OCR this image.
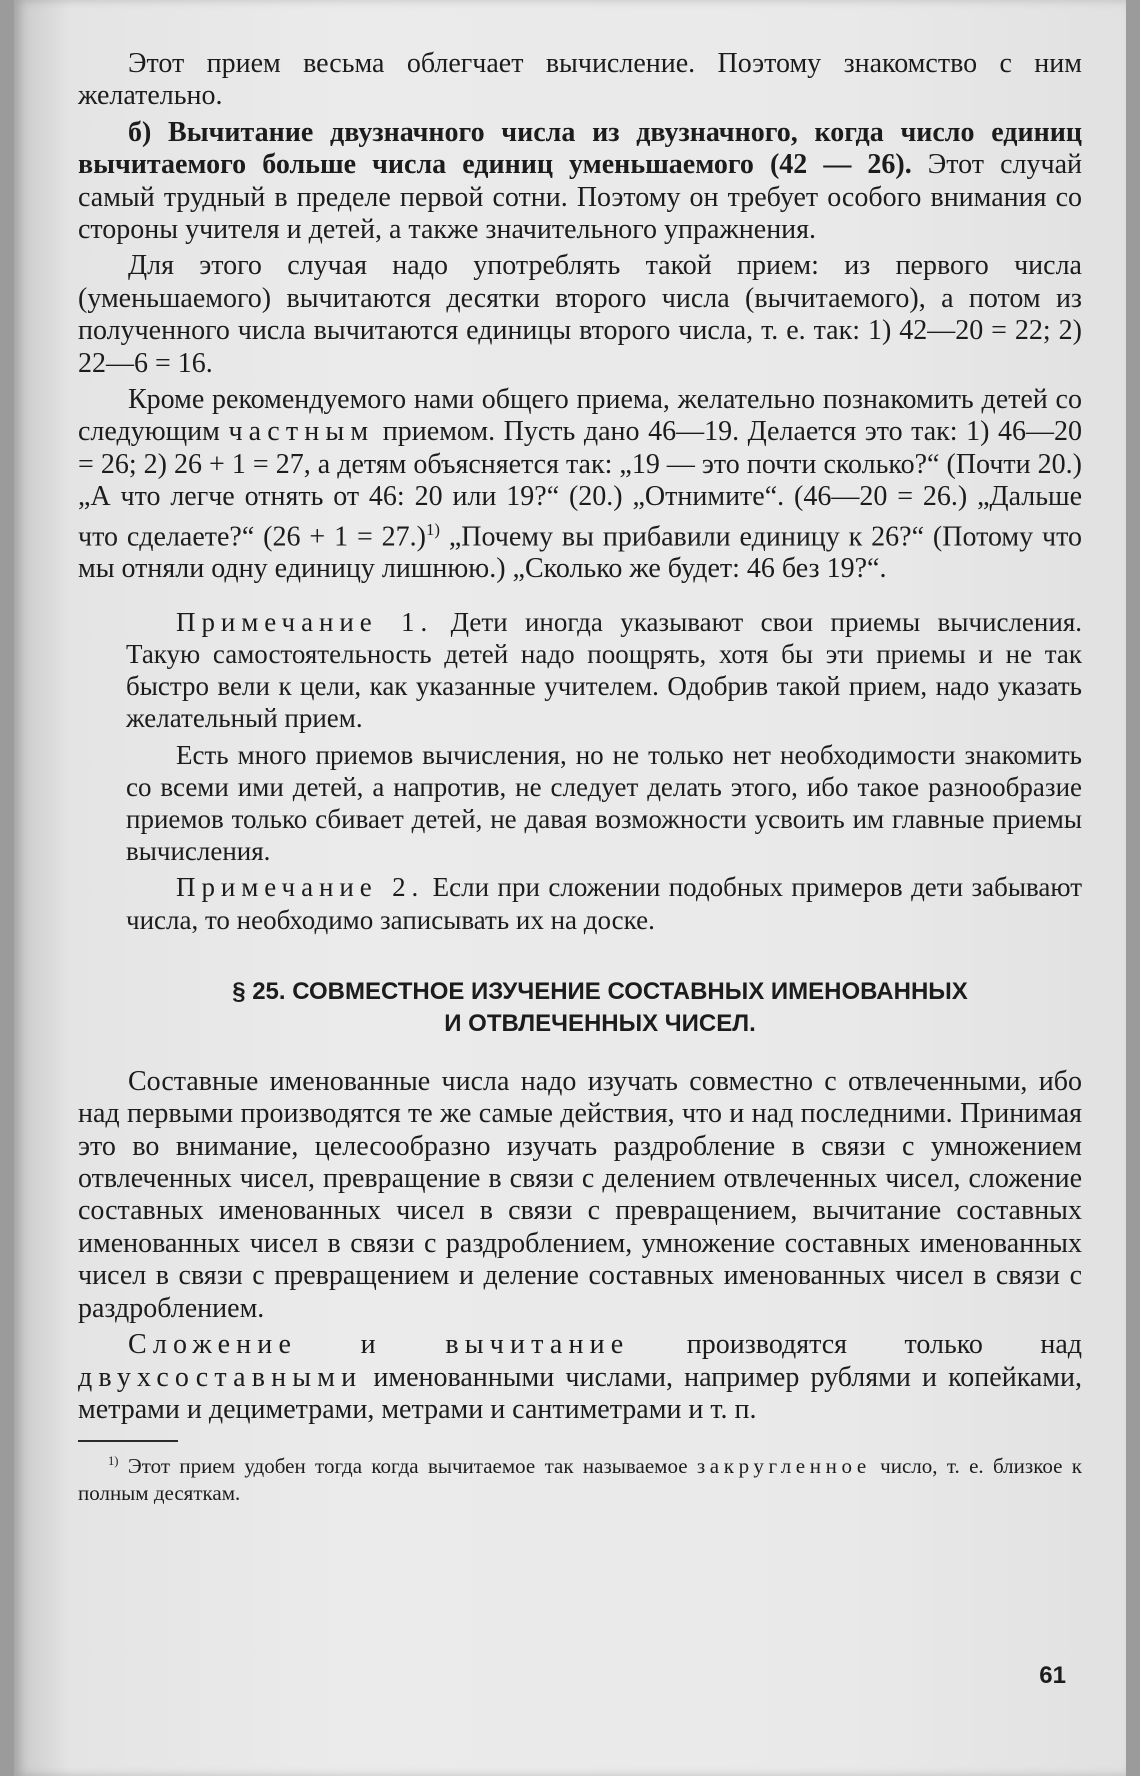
Этот прием весьма облегчает вычисление. Поэтому знакомство с ним желательно.

б) Вычитание двузначного числа из двузначного, когда число единиц вычитаемого больше числа единиц уменьшаемого (42 — 26). Этот случай самый трудный в пределе первой сотни. Поэтому он требует особого внимания со стороны учителя и детей, а также значительного упражнения.

Для этого случая надо употреблять такой прием: из первого числа (уменьшаемого) вычитаются десятки второго числа (вычитаемого), а потом из полученного числа вычитаются единицы второго числа, т. е. так: 1) 42—20 = 22; 2) 22—6 = 16.

Кроме рекомендуемого нами общего приема, желательно познакомить детей со следующим частным приемом. Пусть дано 46—19. Делается это так: 1) 46—20 = 26; 2) 26 + 1 = 27, а детям объясняется так: „19 — это почти сколько?“ (Почти 20.) „А что легче отнять от 46: 20 или 19?“ (20.) „Отнимите“. (46—20 = 26.) „Дальше что сделаете?“ (26 + 1 = 27.)$^{1)}$ „Почему вы прибавили единицу к 26?“ (Потому что мы отняли одну единицу лишнюю.) „Сколько же будет: 46 без 19?“.

Примечание 1. Дети иногда указывают свои приемы вычисления. Такую самостоятельность детей надо поощрять, хотя бы эти приемы и не так быстро вели к цели, как указанные учителем. Одобрив такой прием, надо указать желательный прием.

Есть много приемов вычисления, но не только нет необходимости знакомить со всеми ими детей, а напротив, не следует делать этого, ибо такое разнообразие приемов только сбивает детей, не давая возможности усвоить им главные приемы вычисления.

Примечание 2. Если при сложении подобных примеров дети забывают числа, то необходимо записывать их на доске.

§ 25. СОВМЕСТНОЕ ИЗУЧЕНИЕ СОСТАВНЫХ ИМЕНОВАННЫХ
И ОТВЛЕЧЕННЫХ ЧИСЕЛ.

Составные именованные числа надо изучать совместно с отвлеченными, ибо над первыми производятся те же самые действия, что и над последними. Принимая это во внимание, целесообразно изучать раздробление в связи с умножением отвлеченных чисел, превращение в связи с делением отвлеченных чисел, сложение составных именованных чисел в связи с превращением, вычитание составных именованных чисел в связи с раздроблением, умножение составных именованных чисел в связи с превращением и деление составных именованных чисел в связи с раздроблением.

Сложение и вычитание производятся только над двухсоставными именованными числами, например рублями и копейками, метрами и дециметрами, метрами и сантиметрами и т. п.

$^{1)}$ Этот прием удобен тогда когда вычитаемое так называемое закругленное число, т. е. близкое к полным десяткам.

61
